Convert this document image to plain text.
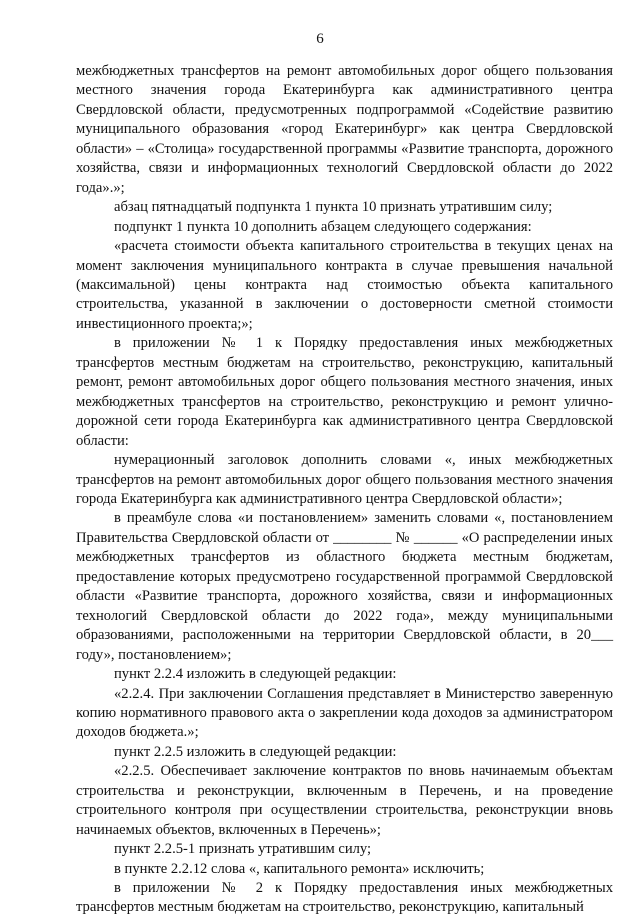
6

межбюджетных трансфертов на ремонт автомобильных дорог общего пользования местного значения города Екатеринбурга как административного центра Свердловской области, предусмотренных подпрограммой «Содействие развитию муниципального образования «город Екатеринбург» как центра Свердловской области» – «Столица» государственной программы «Развитие транспорта, дорожного хозяйства, связи и информационных технологий Свердловской области до 2022 года».»;

абзац пятнадцатый подпункта 1 пункта 10 признать утратившим силу;

подпункт 1 пункта 10 дополнить абзацем следующего содержания:

«расчета стоимости объекта капитального строительства в текущих ценах на момент заключения муниципального контракта в случае превышения начальной (максимальной) цены контракта над стоимостью объекта капитального строительства, указанной в заключении о достоверности сметной стоимости инвестиционного проекта;»;

в приложении № 1 к Порядку предоставления иных межбюджетных трансфертов местным бюджетам на строительство, реконструкцию, капитальный ремонт, ремонт автомобильных дорог общего пользования местного значения, иных межбюджетных трансфертов на строительство, реконструкцию и ремонт улично-дорожной сети города Екатеринбурга как административного центра Свердловской области:

нумерационный заголовок дополнить словами «, иных межбюджетных трансфертов на ремонт автомобильных дорог общего пользования местного значения города Екатеринбурга как административного центра Свердловской области»;

в преамбуле слова «и постановлением» заменить словами «, постановлением Правительства Свердловской области от ________ № ______ «О распределении иных межбюджетных трансфертов из областного бюджета местным бюджетам, предоставление которых предусмотрено государственной программой Свердловской области «Развитие транспорта, дорожного хозяйства, связи и информационных технологий Свердловской области до 2022 года», между муниципальными образованиями, расположенными на территории Свердловской области, в 20___ году», постановлением»;

пункт 2.2.4 изложить в следующей редакции:

«2.2.4. При заключении Соглашения представляет в Министерство заверенную копию нормативного правового акта о закреплении кода доходов за администратором доходов бюджета.»;

пункт 2.2.5 изложить в следующей редакции:

«2.2.5. Обеспечивает заключение контрактов по вновь начинаемым объектам строительства и реконструкции, включенным в Перечень, и на проведение строительного контроля при осуществлении строительства, реконструкции вновь начинаемых объектов, включенных в Перечень»;

пункт 2.2.5-1 признать утратившим силу;

в пункте 2.2.12 слова «, капитального ремонта» исключить;

в приложении № 2 к Порядку предоставления иных межбюджетных трансфертов местным бюджетам на строительство, реконструкцию, капитальный
